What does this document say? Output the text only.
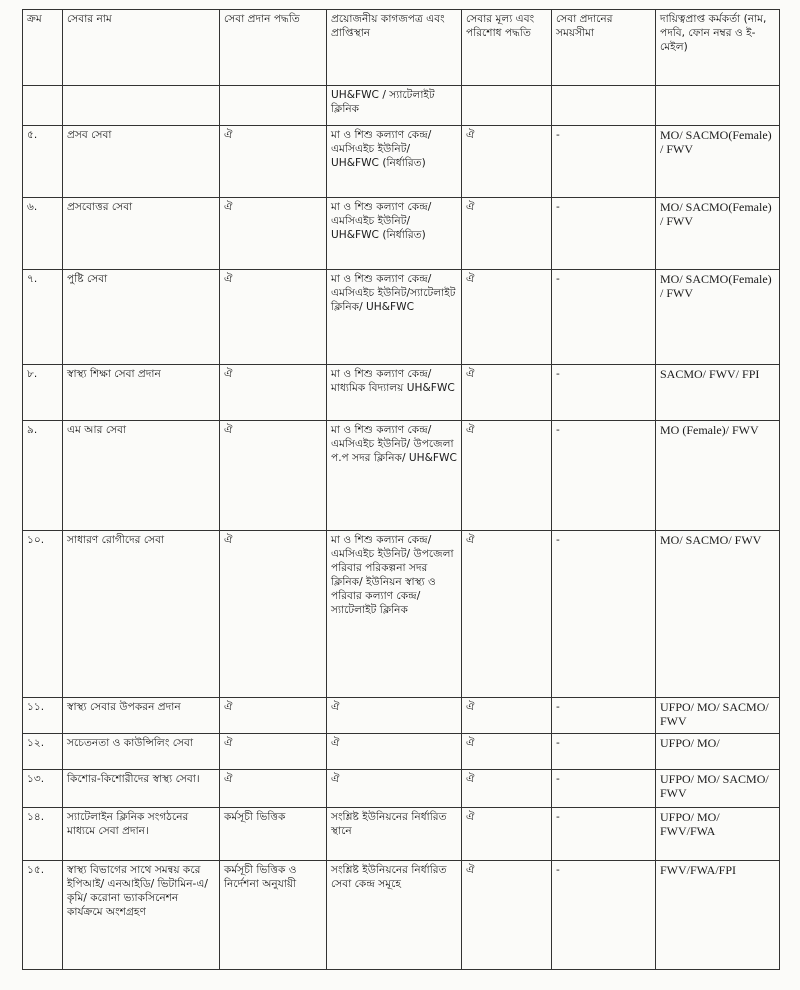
ক্রম	সেবার নাম	সেবা প্রদান পদ্ধতি	প্রয়োজনীয় কাগজপত্র এবং প্রাপ্তিস্থান	সেবার মূল্য এবং পরিশোধ পদ্ধতি	সেবা প্রদানের সময়সীমা	দায়িত্বপ্রাপ্ত কর্মকর্তা (নাম, পদবি, ফোন নম্বর ও ই-মেইল)
			UH&FWC / স্যাটেলাইট ক্লিনিক			
৫.	প্রসব সেবা	ঐ	মা ও শিশু কল্যাণ কেন্দ্র/ এমসিএইচ ইউনিট/ UH&FWC (নির্ধারিত)	ঐ	-	MO/ SACMO(Female) / FWV
৬.	প্রসবোত্তর সেবা	ঐ	মা ও শিশু কল্যাণ কেন্দ্র/ এমসিএইচ ইউনিট/ UH&FWC (নির্ধারিত)	ঐ	-	MO/ SACMO(Female) / FWV
৭.	পুষ্টি সেবা	ঐ	মা ও শিশু কল্যাণ কেন্দ্র/ এমসিএইচ ইউনিট/স্যাটেলাইট ক্লিনিক/ UH&FWC	ঐ	-	MO/ SACMO(Female) / FWV
৮.	স্বাস্থ্য শিক্ষা সেবা প্রদান	ঐ	মা ও শিশু কল্যাণ কেন্দ্র/ মাধ্যমিক বিদ্যালয় UH&FWC	ঐ	-	SACMO/ FWV/ FPI
৯.	এম আর সেবা	ঐ	মা ও শিশু কল্যাণ কেন্দ্র/ এমসিএইচ ইউনিট/ উপজেলা প.প সদর ক্লিনিক/ UH&FWC	ঐ	-	MO (Female)/ FWV
১০.	সাধারণ রোগীদের সেবা	ঐ	মা ও শিশু কল্যান কেন্দ্র/ এমসিএইচ ইউনিট/ উপজেলা পরিবার পরিকল্পনা সদর ক্লিনিক/ ইউনিয়ন স্বাস্থ্য ও পরিবার কল্যাণ কেন্দ্র/ স্যাটেলাইট ক্লিনিক	ঐ	-	MO/ SACMO/ FWV
১১.	স্বাস্থ্য সেবার উপকরন প্রদান	ঐ	ঐ	ঐ	-	UFPO/ MO/ SACMO/ FWV
১২.	সচেতনতা ও কাউন্সিলিং সেবা	ঐ	ঐ	ঐ	-	UFPO/ MO/
১৩.	কিশোর-কিশোরীদের স্বাস্থ্য সেবা।	ঐ	ঐ	ঐ	-	UFPO/ MO/ SACMO/ FWV
১৪.	স্যাটেলাইন ক্লিনিক সংগঠনের মাধ্যমে সেবা প্রদান।	কর্মসূচী ভিত্তিক	সংশ্লিষ্ট ইউনিয়নের নির্ধারিত স্থানে	ঐ	-	UFPO/ MO/ FWV/FWA
১৫.	স্বাস্থ্য বিভাগের সাথে সমন্বয় করে ইপিআই/ এনআইডি/ ভিটামিন-এ/ কৃমি/ করোনা ভ্যাকসিনেশন কার্যক্রমে অংশগ্রহণ	কর্মসূচী ভিত্তিক ও নির্দেশনা অনুযায়ী	সংশ্লিষ্ট ইউনিয়নের নির্ধারিত সেবা কেন্দ্র সমূহে	ঐ	-	FWV/FWA/FPI
